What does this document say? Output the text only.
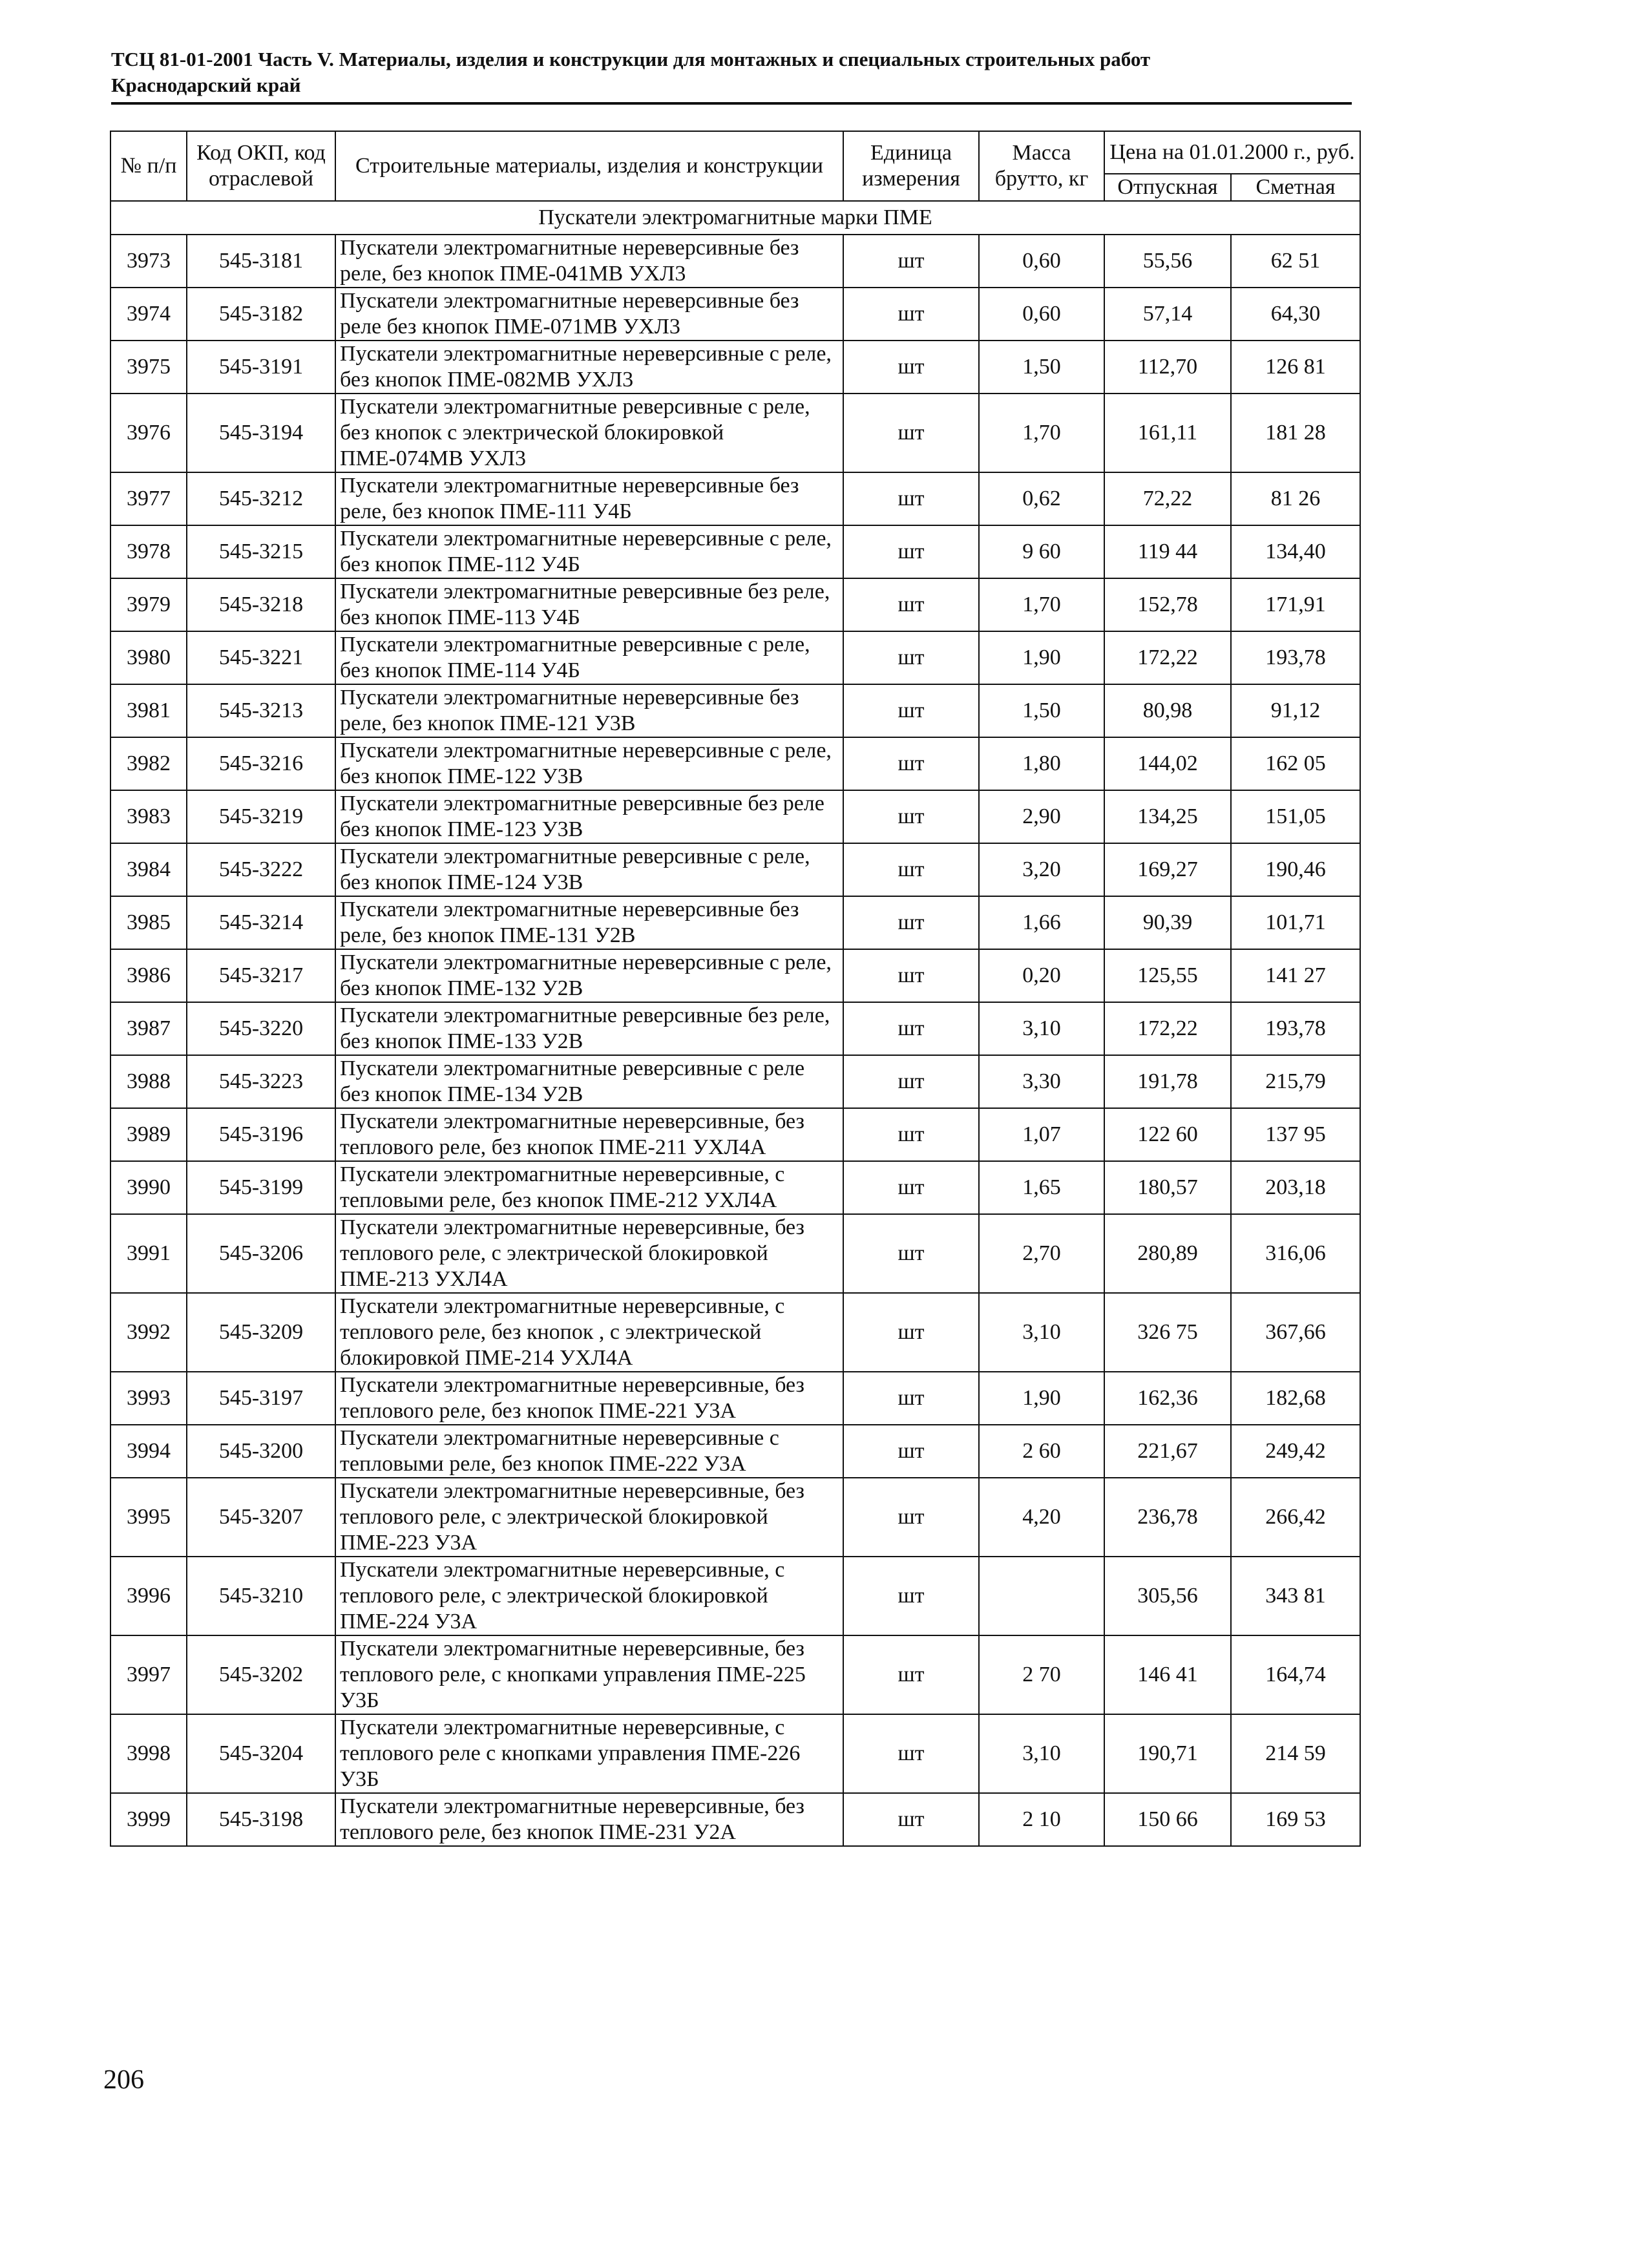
ТСЦ 81-01-2001 Часть V. Материалы, изделия и конструкции для монтажных и специальных строительных работ
Краснодарский край
№ п/п	Код ОКП, код отраслевой	Строительные материалы, изделия и конструкции	Единица измерения	Масса брутто, кг	Цена на 01.01.2000 г., руб.	
					Отпускная	Сметная
Пускатели электромагнитные марки ПМЕ						
3973	545-3181	Пускатели электромагнитные нереверсивные без реле, без кнопок ПМЕ-041МВ УХЛ3	шт	0,60	55,56	62 51
3974	545-3182	Пускатели электромагнитные нереверсивные без реле без кнопок ПМЕ-071МВ УХЛ3	шт	0,60	57,14	64,30
3975	545-3191	Пускатели электромагнитные нереверсивные с реле, без кнопок ПМЕ-082МВ УХЛ3	шт	1,50	112,70	126 81
3976	545-3194	Пускатели электромагнитные реверсивные с реле, без кнопок с электрической блокировкой ПМЕ-074МВ УХЛ3	шт	1,70	161,11	181 28
3977	545-3212	Пускатели электромагнитные нереверсивные без реле, без кнопок ПМЕ-111 У4Б	шт	0,62	72,22	81 26
3978	545-3215	Пускатели электромагнитные нереверсивные с реле, без кнопок ПМЕ-112 У4Б	шт	9 60	119 44	134,40
3979	545-3218	Пускатели электромагнитные реверсивные без реле, без кнопок ПМЕ-113 У4Б	шт	1,70	152,78	171,91
3980	545-3221	Пускатели электромагнитные реверсивные с реле, без кнопок ПМЕ-114 У4Б	шт	1,90	172,22	193,78
3981	545-3213	Пускатели электромагнитные нереверсивные без реле, без кнопок ПМЕ-121 У3В	шт	1,50	80,98	91,12
3982	545-3216	Пускатели электромагнитные нереверсивные с реле, без кнопок ПМЕ-122 У3В	шт	1,80	144,02	162 05
3983	545-3219	Пускатели электромагнитные реверсивные без реле без кнопок ПМЕ-123 У3В	шт	2,90	134,25	151,05
3984	545-3222	Пускатели электромагнитные реверсивные с реле, без кнопок ПМЕ-124 У3В	шт	3,20	169,27	190,46
3985	545-3214	Пускатели электромагнитные нереверсивные без реле, без кнопок ПМЕ-131 У2В	шт	1,66	90,39	101,71
3986	545-3217	Пускатели электромагнитные нереверсивные с реле, без кнопок ПМЕ-132 У2В	шт	0,20	125,55	141 27
3987	545-3220	Пускатели электромагнитные реверсивные без реле, без кнопок ПМЕ-133 У2В	шт	3,10	172,22	193,78
3988	545-3223	Пускатели электромагнитные реверсивные с реле без кнопок ПМЕ-134 У2В	шт	3,30	191,78	215,79
3989	545-3196	Пускатели электромагнитные нереверсивные, без теплового реле, без кнопок ПМЕ-211 УХЛ4А	шт	1,07	122 60	137 95
3990	545-3199	Пускатели электромагнитные нереверсивные, с тепловыми реле, без кнопок ПМЕ-212 УХЛ4А	шт	1,65	180,57	203,18
3991	545-3206	Пускатели электромагнитные нереверсивные, без теплового реле, с электрической блокировкой ПМЕ-213 УХЛ4А	шт	2,70	280,89	316,06
3992	545-3209	Пускатели электромагнитные нереверсивные, с теплового реле, без кнопок , с электрической блокировкой ПМЕ-214 УХЛ4А	шт	3,10	326 75	367,66
3993	545-3197	Пускатели электромагнитные нереверсивные, без теплового реле, без кнопок ПМЕ-221 У3А	шт	1,90	162,36	182,68
3994	545-3200	Пускатели электромагнитные нереверсивные с тепловыми реле, без кнопок ПМЕ-222 У3А	шт	2 60	221,67	249,42
3995	545-3207	Пускатели электромагнитные нереверсивные, без теплового реле, с электрической блокировкой ПМЕ-223 У3А	шт	4,20	236,78	266,42
3996	545-3210	Пускатели электромагнитные нереверсивные, с теплового реле, с электрической блокировкой ПМЕ-224 У3А	шт		305,56	343 81
3997	545-3202	Пускатели электромагнитные нереверсивные, без теплового реле, с кнопками управления ПМЕ-225 У3Б	шт	2 70	146 41	164,74
3998	545-3204	Пускатели электромагнитные нереверсивные, с теплового реле с кнопками управления ПМЕ-226 У3Б	шт	3,10	190,71	214 59
3999	545-3198	Пускатели электромагнитные нереверсивные, без теплового реле, без кнопок ПМЕ-231 У2А	шт	2 10	150 66	169 53
206
